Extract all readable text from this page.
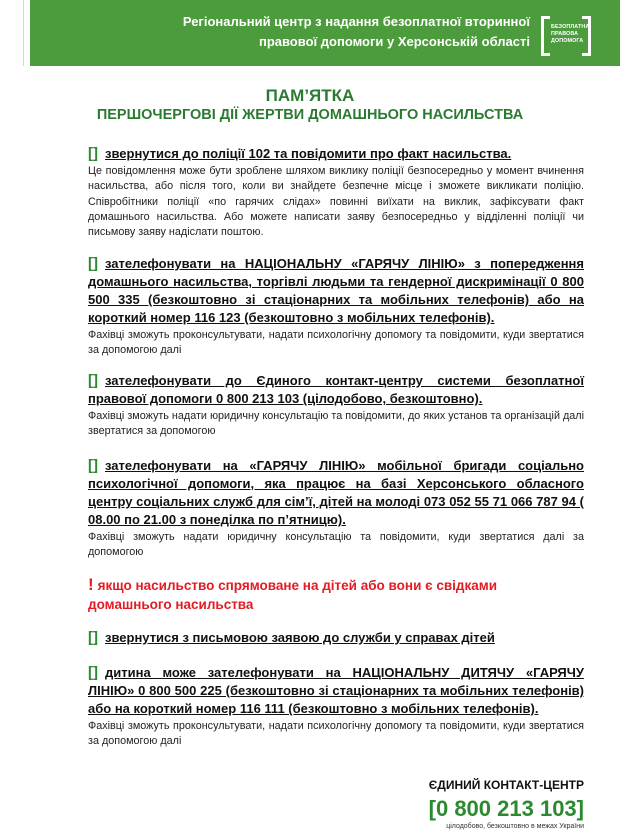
Регіональний центр з надання безоплатної вторинної
правової допомоги у Херсонській області
БЕЗОПЛАТНА
ПРАВОВА
ДОПОМОГА
ПАМ’ЯТКА
ПЕРШОЧЕРГОВІ ДІЇ ЖЕРТВИ ДОМАШНЬОГО НАСИЛЬСТВА
[] звернутися до поліції 102 та повідомити про факт насильства.
Це повідомлення може бути зроблене шляхом виклику поліції безпосередньо у момент вчинення насильства, або після того, коли ви знайдете безпечне місце і зможете викликати поліцію. Співробітники поліції «по гарячих слідах» повинні виїхати на виклик, зафіксувати факт домашнього насильства. Або можете написати заяву безпосередньо у відділенні поліції чи письмову заяву надіслати поштою.
[] зателефонувати на НАЦІОНАЛЬНУ «ГАРЯЧУ ЛІНІЮ» з попередження домашнього насильства, торгівлі людьми та гендерної дискримінації 0 800 500 335 (безкоштовно зі стаціонарних та мобільних телефонів) або на короткий номер 116 123 (безкоштовно з мобільних телефонів).
Фахівці зможуть проконсультувати, надати психологічну допомогу та повідомити, куди звертатися за допомогою далі
[] зателефонувати до Єдиного контакт-центру системи безоплатної правової допомоги 0 800 213 103 (цілодобово, безкоштовно).
Фахівці зможуть надати юридичну консультацію та повідомити, до яких установ та організацій далі звертатися за допомогою
[] зателефонувати на «ГАРЯЧУ ЛІНІЮ» мобільної бригади соціально психологічної допомоги, яка працює на базі Херсонського обласного центру соціальних служб для сім’ї, дітей на молоді 073 052 55 71 066 787 94 ( 08.00 по 21.00 з понеділка по п’ятницю).
Фахівці зможуть надати юридичну консультацію та повідомити, куди звертатися далі за допомогою
! якщо насильство спрямоване на дітей або вони є свідками домашнього насильства
[] звернутися з письмовою заявою до служби у справах дітей
[] дитина може зателефонувати на НАЦІОНАЛЬНУ ДИТЯЧУ «ГАРЯЧУ ЛІНІЮ» 0 800 500 225 (безкоштовно зі стаціонарних та мобільних телефонів) або на короткий номер 116 111 (безкоштовно з мобільних телефонів).
Фахівці зможуть проконсультувати, надати психологічну допомогу та повідомити, куди звертатися за допомогою далі
ЄДИНИЙ КОНТАКТ-ЦЕНТР
[0 800 213 103]
цілодобово, безкоштовно в межах України
